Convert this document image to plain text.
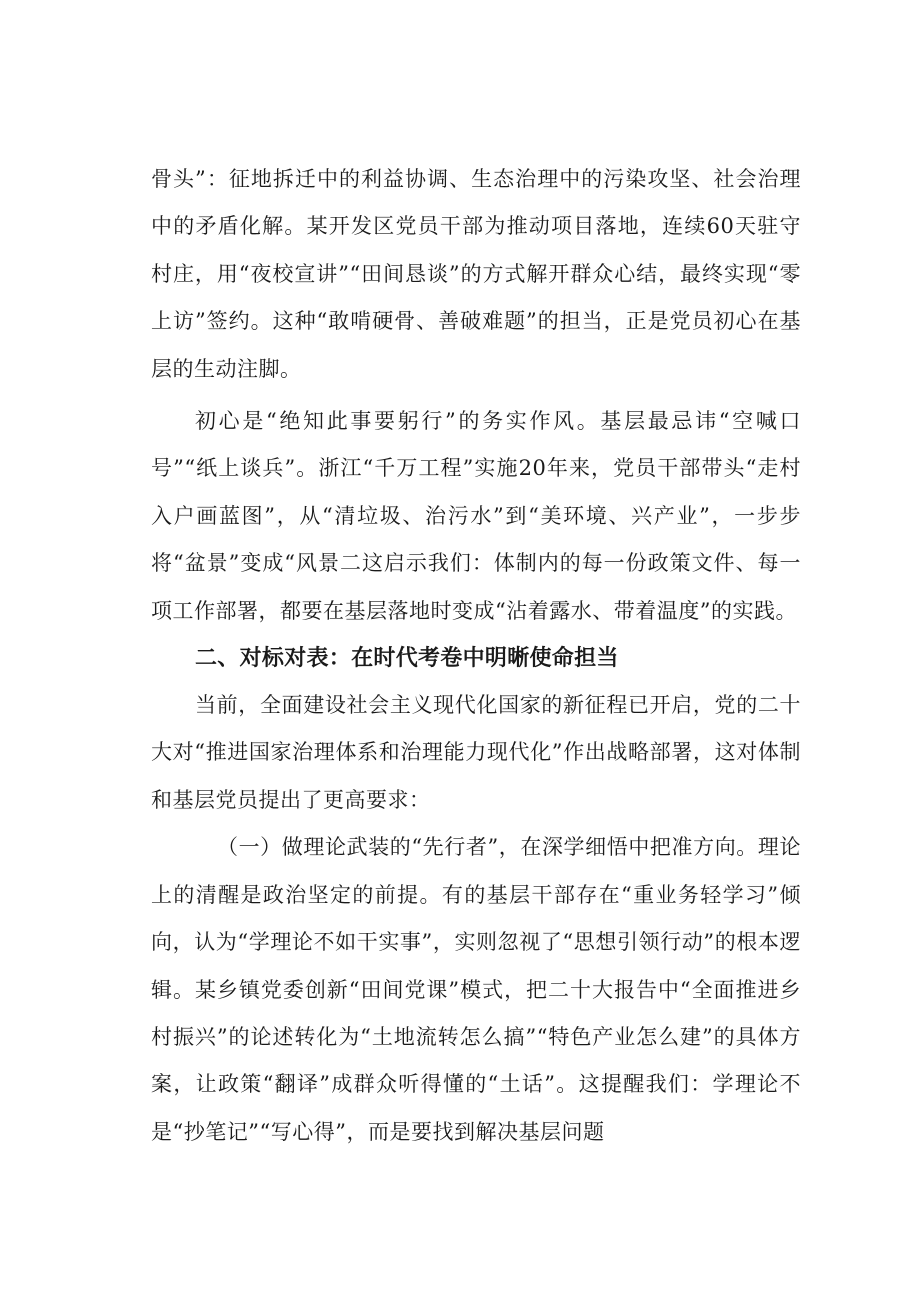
骨头”：征地拆迁中的利益协调、生态治理中的污染攻坚、社会治理中的矛盾化解。某开发区党员干部为推动项目落地，连续60天驻守村庄，用“夜校宣讲”“田间恳谈”的方式解开群众心结，最终实现“零上访”签约。这种“敢啃硬骨、善破难题”的担当，正是党员初心在基层的生动注脚。

初心是“绝知此事要躬行”的务实作风。基层最忌讳“空喊口号”“纸上谈兵”。浙江“千万工程”实施20年来，党员干部带头“走村入户画蓝图”，从“清垃圾、治污水”到“美环境、兴产业”，一步步将“盆景”变成“风景二这启示我们：体制内的每一份政策文件、每一项工作部署，都要在基层落地时变成“沾着露水、带着温度”的实践。

二、对标对表：在时代考卷中明晰使命担当

当前，全面建设社会主义现代化国家的新征程已开启，党的二十大对“推进国家治理体系和治理能力现代化”作出战略部署，这对体制和基层党员提出了更高要求：

（一）做理论武装的“先行者”，在深学细悟中把准方向。理论上的清醒是政治坚定的前提。有的基层干部存在“重业务轻学习”倾向，认为“学理论不如干实事”，实则忽视了“思想引领行动”的根本逻辑。某乡镇党委创新“田间党课”模式，把二十大报告中“全面推进乡村振兴”的论述转化为“土地流转怎么搞”“特色产业怎么建”的具体方案，让政策“翻译”成群众听得懂的“土话”。这提醒我们：学理论不是“抄笔记”“写心得”，而是要找到解决基层问题
